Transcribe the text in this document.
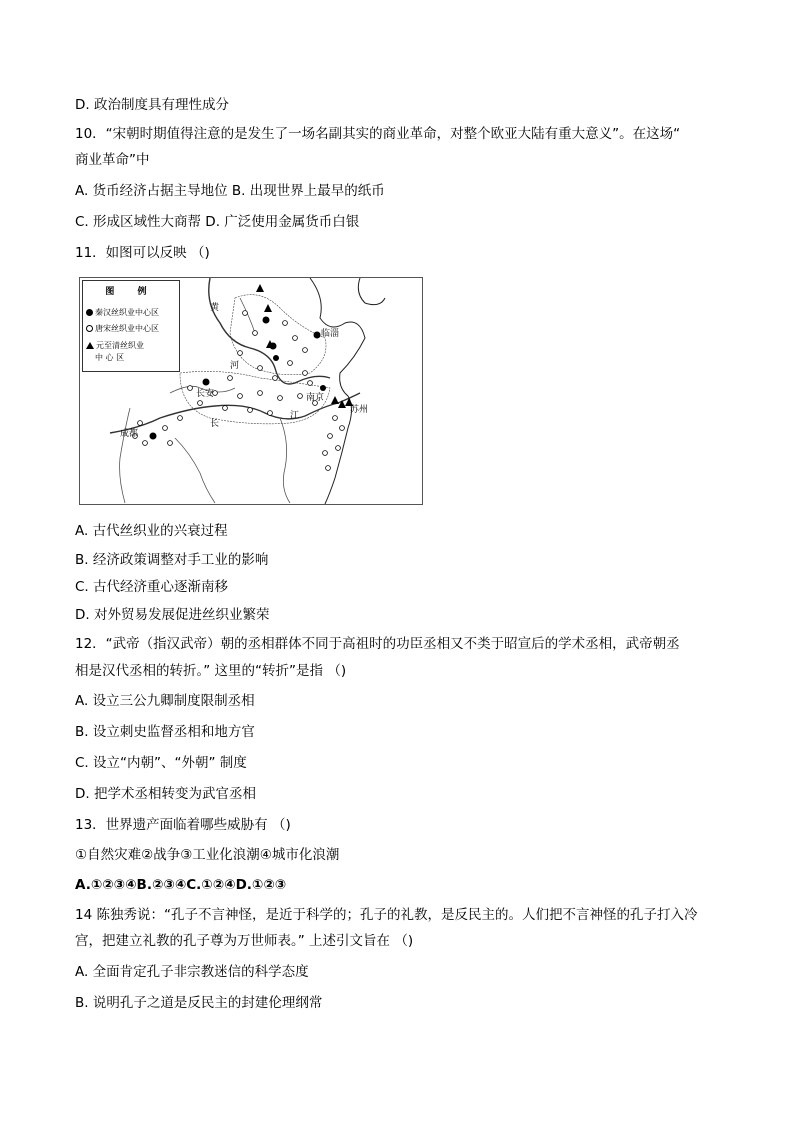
D. 政治制度具有理性成分
10．“宋朝时期值得注意的是发生了一场名副其实的商业革命，对整个欧亚大陆有重大意义”。在这场“
商业革命”中
A. 货币经济占据主导地位 B. 出现世界上最早的纸币
C. 形成区域性大商帮 D. 广泛使用金属货币白银
11．如图可以反映 （)
图 例
秦汉丝织业中心区
唐宋丝织业中心区
元至清丝织业
中 心 区
黄
河
临淄
长安	南京
苏州
成都
长
江
A. 古代丝织业的兴衰过程
B. 经济政策调整对手工业的影响
C. 古代经济重心逐渐南移
D. 对外贸易发展促进丝织业繁荣
12．“武帝（指汉武帝）朝的丞相群体不同于高祖时的功臣丞相又不类于昭宣后的学术丞相，武帝朝丞
相是汉代丞相的转折。” 这里的“转折”是指 （)
A. 设立三公九卿制度限制丞相
B. 设立刺史监督丞相和地方官
C. 设立“内朝”、“外朝” 制度
D. 把学术丞相转变为武官丞相
13．世界遗产面临着哪些威胁有 （)
①自然灾难②战争③工业化浪潮④城市化浪潮
A.①②③④B.②③④C.①②④D.①②③
14 陈独秀说：“孔子不言神怪，是近于科学的；孔子的礼教，是反民主的。人们把不言神怪的孔子打入冷
宫，把建立礼教的孔子尊为万世师表。” 上述引文旨在 （)
A. 全面肯定孔子非宗教迷信的科学态度
B. 说明孔子之道是反民主的封建伦理纲常
